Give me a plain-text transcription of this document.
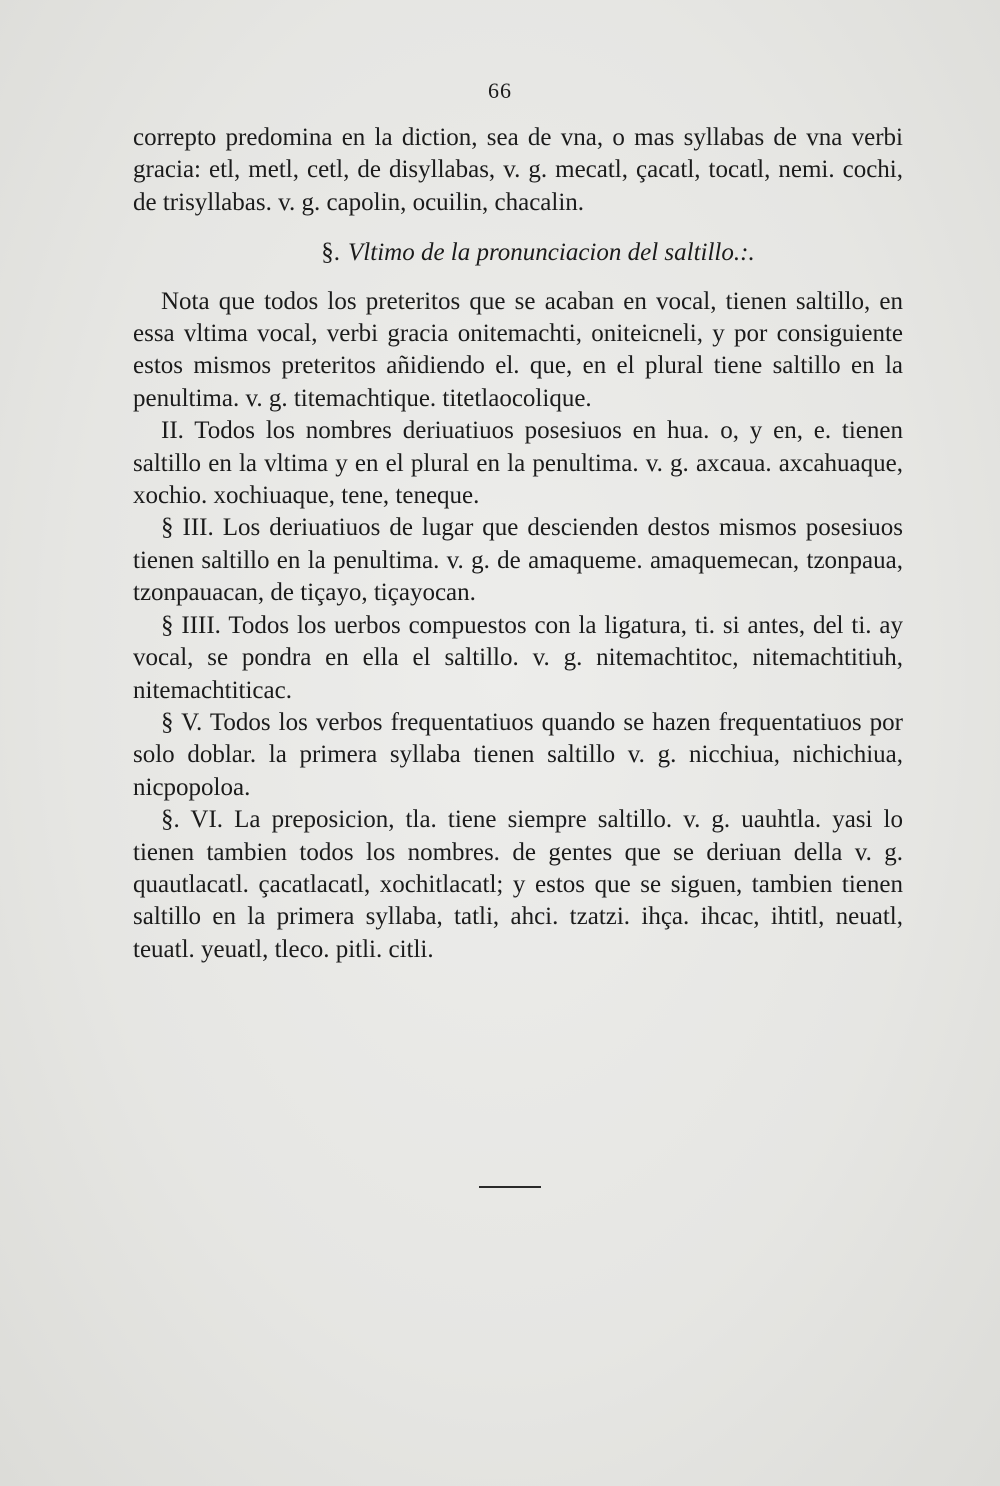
66

correpto predomina en la diction, sea de vna, o mas syllabas de vna verbi gracia: etl, metl, cetl, de disyllabas, v. g. mecatl, çacatl, tocatl, nemi. cochi, de trisyllabas. v. g. capolin, ocuilin, chacalin.

§. Vltimo de la pronunciacion del saltillo.:.

Nota que todos los preteritos que se acaban en vocal, tienen saltillo, en essa vltima vocal, verbi gracia onitemachti, oniteicneli, y por consiguiente estos mismos preteritos añidiendo el. que, en el plural tiene saltillo en la penultima. v. g. titemachtique. titetlaocolique.

II. Todos los nombres deriuatiuos posesiuos en hua. o, y en, e. tienen saltillo en la vltima y en el plural en la penultima. v. g. axcaua. axcahuaque, xochio. xochiuaque, tene, teneque.

§ III. Los deriuatiuos de lugar que descienden destos mismos posesiuos tienen saltillo en la penultima. v. g. de amaqueme. amaquemecan, tzonpaua, tzonpauacan, de tiçayo, tiçayocan.

§ IIII. Todos los uerbos compuestos con la ligatura, ti. si antes, del ti. ay vocal, se pondra en ella el saltillo. v. g. nitemachtitoc, nitemachtitiuh, nitemachtiticac.

§ V. Todos los verbos frequentatiuos quando se hazen frequentatiuos por solo doblar. la primera syllaba tienen saltillo v. g. nicchiua, nichichiua, nicpopoloa.

§. VI. La preposicion, tla. tiene siempre saltillo. v. g. uauhtla. yasi lo tienen tambien todos los nombres. de gentes que se deriuan della v. g. quautlacatl. çacatlacatl, xochitlacatl; y estos que se siguen, tambien tienen saltillo en la primera syllaba, tatli, ahci. tzatzi. ihça. ihcac, ihtitl, neuatl, teuatl. yeuatl, tleco. pitli. citli.
